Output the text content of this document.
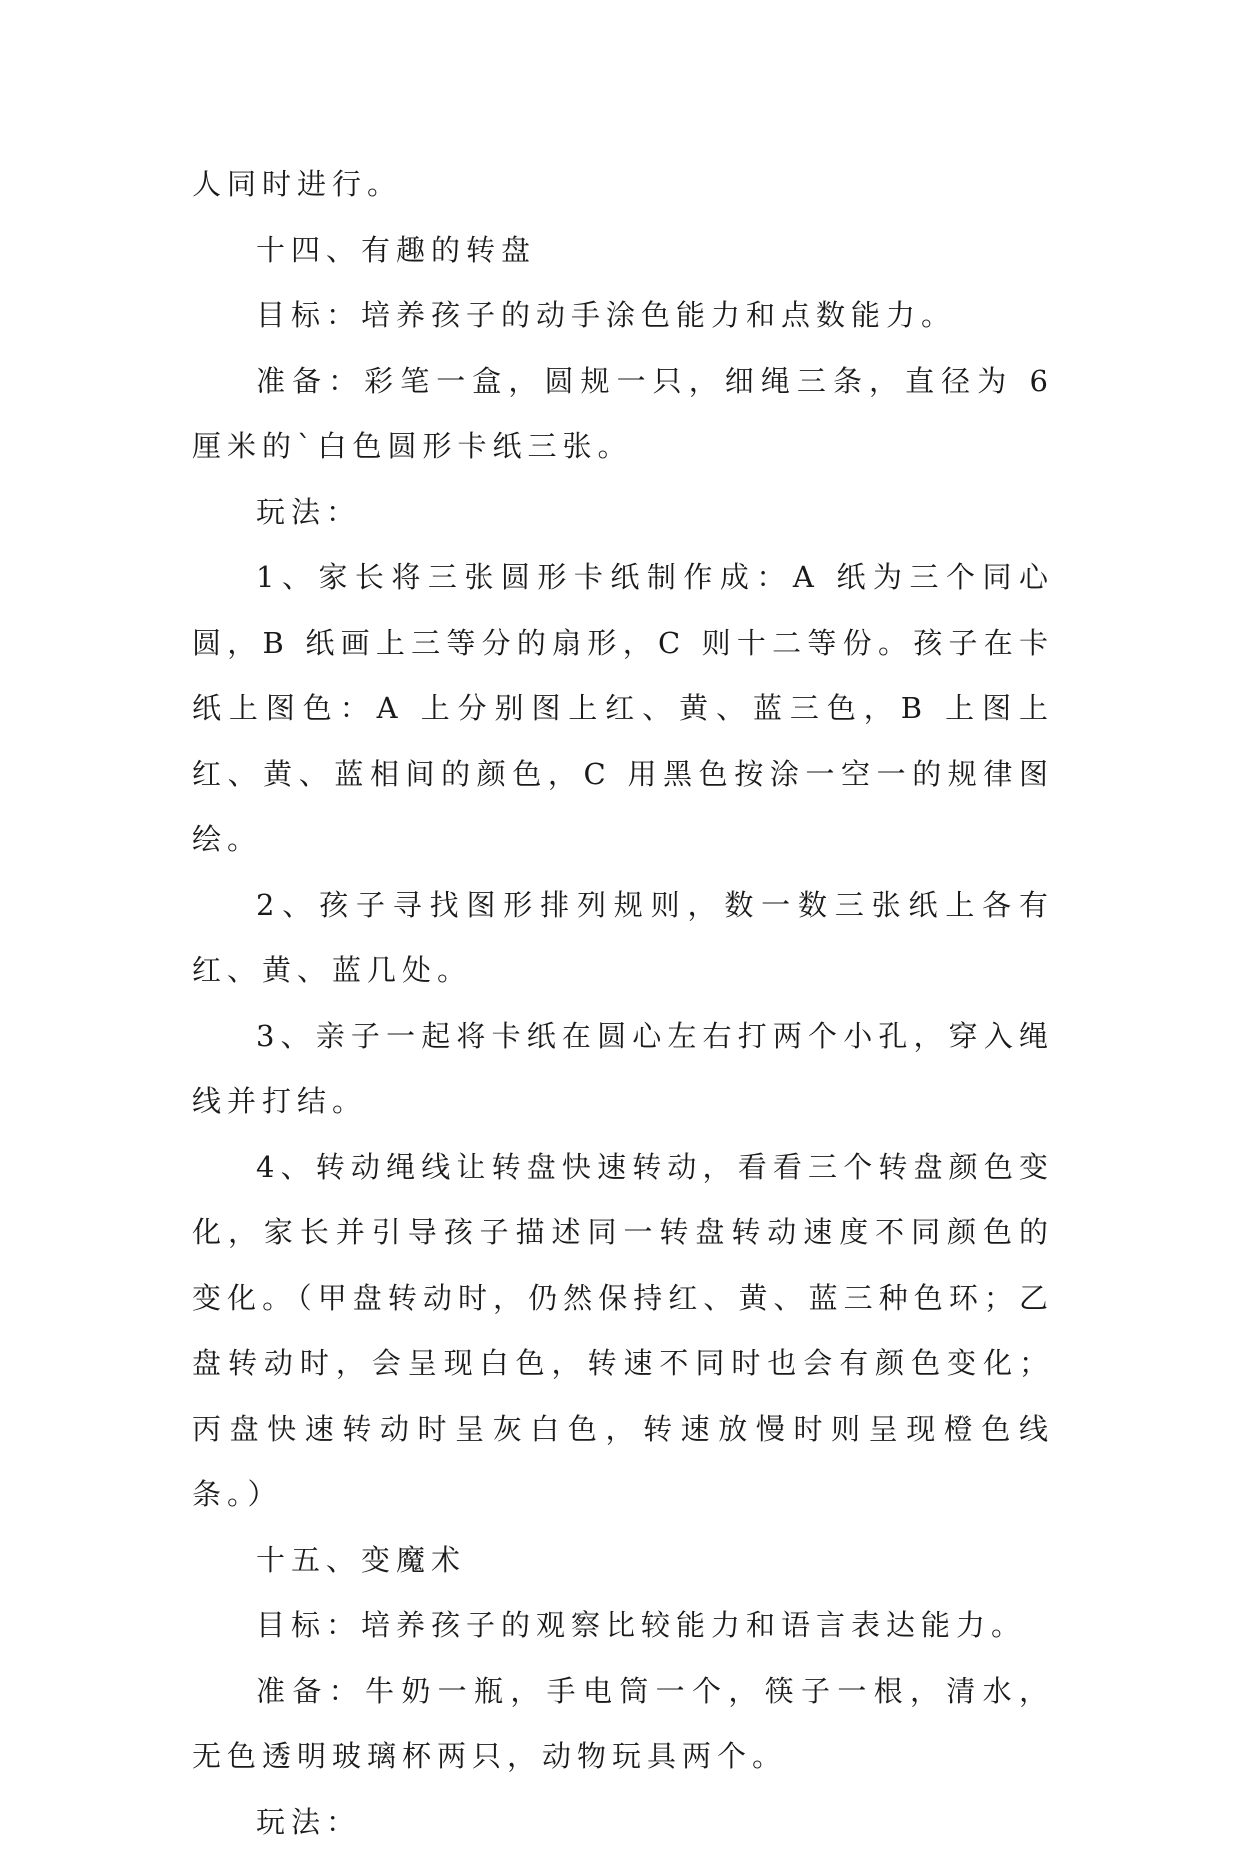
人同时进行。

十四、有趣的转盘

目标：培养孩子的动手涂色能力和点数能力。

准备：彩笔一盒，圆规一只，细绳三条，直径为 6 厘米的`白色圆形卡纸三张。

玩法：

1、家长将三张圆形卡纸制作成：A 纸为三个同心圆，B 纸画上三等分的扇形，C 则十二等份。孩子在卡纸上图色：A 上分别图上红、黄、蓝三色，B 上图上红、黄、蓝相间的颜色，C 用黑色按涂一空一的规律图绘。

2、孩子寻找图形排列规则，数一数三张纸上各有红、黄、蓝几处。

3、亲子一起将卡纸在圆心左右打两个小孔，穿入绳线并打结。

4、转动绳线让转盘快速转动，看看三个转盘颜色变化，家长并引导孩子描述同一转盘转动速度不同颜色的变化。（甲盘转动时，仍然保持红、黄、蓝三种色环；乙盘转动时，会呈现白色，转速不同时也会有颜色变化；丙盘快速转动时呈灰白色，转速放慢时则呈现橙色线条。）

十五、变魔术

目标：培养孩子的观察比较能力和语言表达能力。

准备：牛奶一瓶，手电筒一个，筷子一根，清水，无色透明玻璃杯两只，动物玩具两个。

玩法：
